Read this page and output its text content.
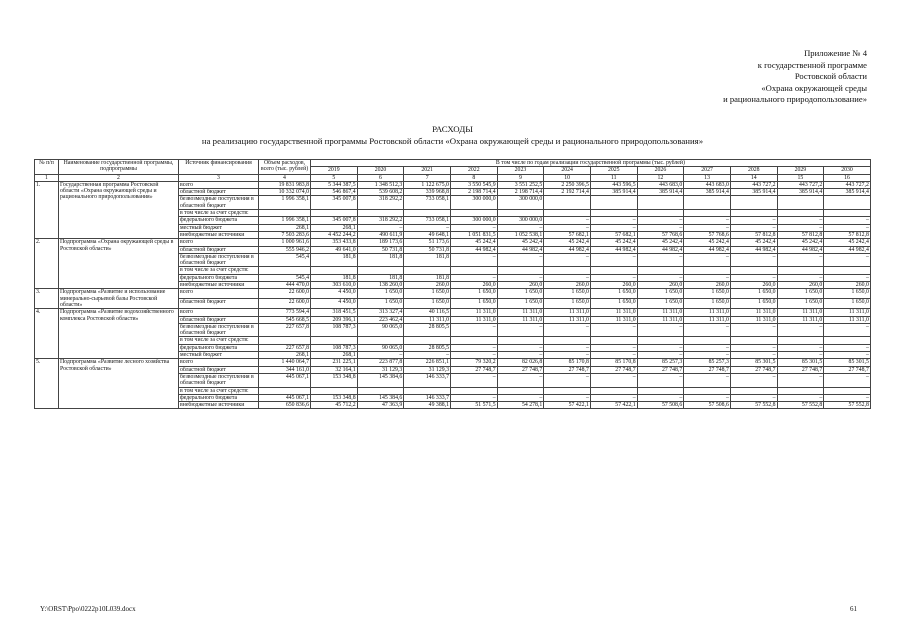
Приложение № 4
к государственной программе
Ростовской области
«Охрана окружающей среды
и рационального природопользование»
РАСХОДЫ
на реализацию государственной программы Ростовской области «Охрана окружающей среды и рационального природопользования»
№ п/п	Наименование государственной программы, подпрограммы	Источник финансирования	Объем расходов, всего (тыс. рублей)	В том числе по годам реализации государственной программы (тыс. рублей)											
				2019	2020	2021	2022	2023	2024	2025	2026	2027	2028	2029	2030
1	2	3	4	5	6	7	8	9	10	11	12	13	14	15	16
1.	Государственная программа Ростовской области «Охрана окружающей среды и рационального природопользования»	всего	19 831 983,8	5 344 387,5	1 348 512,3	1 122 675,0	3 550 545,9	3 551 252,5	2 250 396,5	443 596,5	443 683,0	443 683,0	443 727,2	443 727,2	443 727,2
		областной бюджет	10 332 074,0	546 867,4	539 608,2	339 968,8	2 198 714,4	2 198 714,4	2 192 714,4	385 914,4	385 914,4	385 914,4	385 914,4	385 914,4	385 914,4
		безвозмездные поступления в областной бюджет	1 996 358,1	345 007,8	318 292,2	733 058,1	300 000,0	300 000,0							
		в том числе за счет средств:													
		федерального бюджета	1 996 358,1	345 007,8	318 292,2	733 058,1	300 000,0	300 000,0	–	–	–	–	–	–	–
		местный бюджет	268,1	268,1	–	–	–	–	–	–	–	–	–	–	–
		внебюджетные источники	7 503 283,6	4 452 244,2	490 611,9	49 648,1	1 051 831,5	1 052 538,1	57 682,1	57 682,1	57 768,6	57 768,6	57 812,8	57 812,8	57 812,8
2.	Подпрограмма «Охрана окружающей среды в Ростовской области»	всего	1 000 961,6	353 433,8	189 173,6	51 173,6	45 242,4	45 242,4	45 242,4	45 242,4	45 242,4	45 242,4	45 242,4	45 242,4	45 242,4
		областной бюджет	555 946,2	49 641,0	50 731,8	50 731,8	44 982,4	44 982,4	44 982,4	44 982,4	44 982,4	44 982,4	44 982,4	44 982,4	44 982,4
		безвозмездные поступления в областной бюджет	545,4	181,8	181,8	181,8	–	–	–	–	–	–	–	–	–
		в том числе за счет средств:													
		федерального бюджета	545,4	181,8	181,8	181,8	–	–	–	–	–	–	–	–	–
		внебюджетные источники	444 470,0	303 610,0	138 260,0	260,0	260,0	260,0	260,0	260,0	260,0	260,0	260,0	260,0	260,0
3.	Подпрограмма «Развитие и использование минерально-сырьевой базы Ростовской области»	всего	22 600,0	4 450,0	1 650,0	1 650,0	1 650,0	1 650,0	1 650,0	1 650,0	1 650,0	1 650,0	1 650,0	1 650,0	1 650,0
		областной бюджет	22 600,0	4 450,0	1 650,0	1 650,0	1 650,0	1 650,0	1 650,0	1 650,0	1 650,0	1 650,0	1 650,0	1 650,0	1 650,0
4.	Подпрограмма «Развитие водохозяйственного комплекса Ростовской области»	всего	773 594,4	318 451,5	313 327,4	40 116,5	11 311,0	11 311,0	11 311,0	11 311,0	11 311,0	11 311,0	11 311,0	11 311,0	11 311,0
		областной бюджет	545 668,5	209 396,1	223 462,4	11 311,0	11 311,0	11 311,0	11 311,0	11 311,0	11 311,0	11 311,0	11 311,0	11 311,0	11 311,0
		безвозмездные поступления в областной бюджет	227 657,8	108 787,3	90 065,0	28 805,5	–	–	–	–	–	–	–	–	–
		в том числе за счет средств:													
		федерального бюджета	227 657,8	108 787,3	90 065,0	28 805,5	–	–	–	–	–	–	–	–	–
		местный бюджет	268,1	268,1	–	–	–	–	–	–	–	–	–	–	–
5.	Подпрограмма «Развитие лесного хозяйства Ростовской области»	всего	1 440 064,7	231 225,1	223 877,8	226 851,1	79 320,2	82 026,8	85 170,8	85 170,8	85 257,3	85 257,3	85 301,5	85 301,5	85 301,5
		областной бюджет	344 161,0	32 164,1	31 129,3	31 129,3	27 748,7	27 748,7	27 748,7	27 748,7	27 748,7	27 748,7	27 748,7	27 748,7	27 748,7
		безвозмездные поступления в областной бюджет	445 067,1	153 348,8	145 384,6	146 333,7	–	–	–	–	–	–	–	–	–
		в том числе за счет средств:													
		федерального бюджета	445 067,1	153 348,8	145 384,6	146 333,7	–	–	–	–	–	–	–	–	–
		внебюджетные источники	650 836,6	45 712,2	47 363,9	49 388,1	51 571,5	54 278,1	57 422,1	57 422,1	57 508,6	57 508,6	57 552,8	57 552,8	57 552,8
Y:\ORST\Ppo\0222p10L039.docx	61
